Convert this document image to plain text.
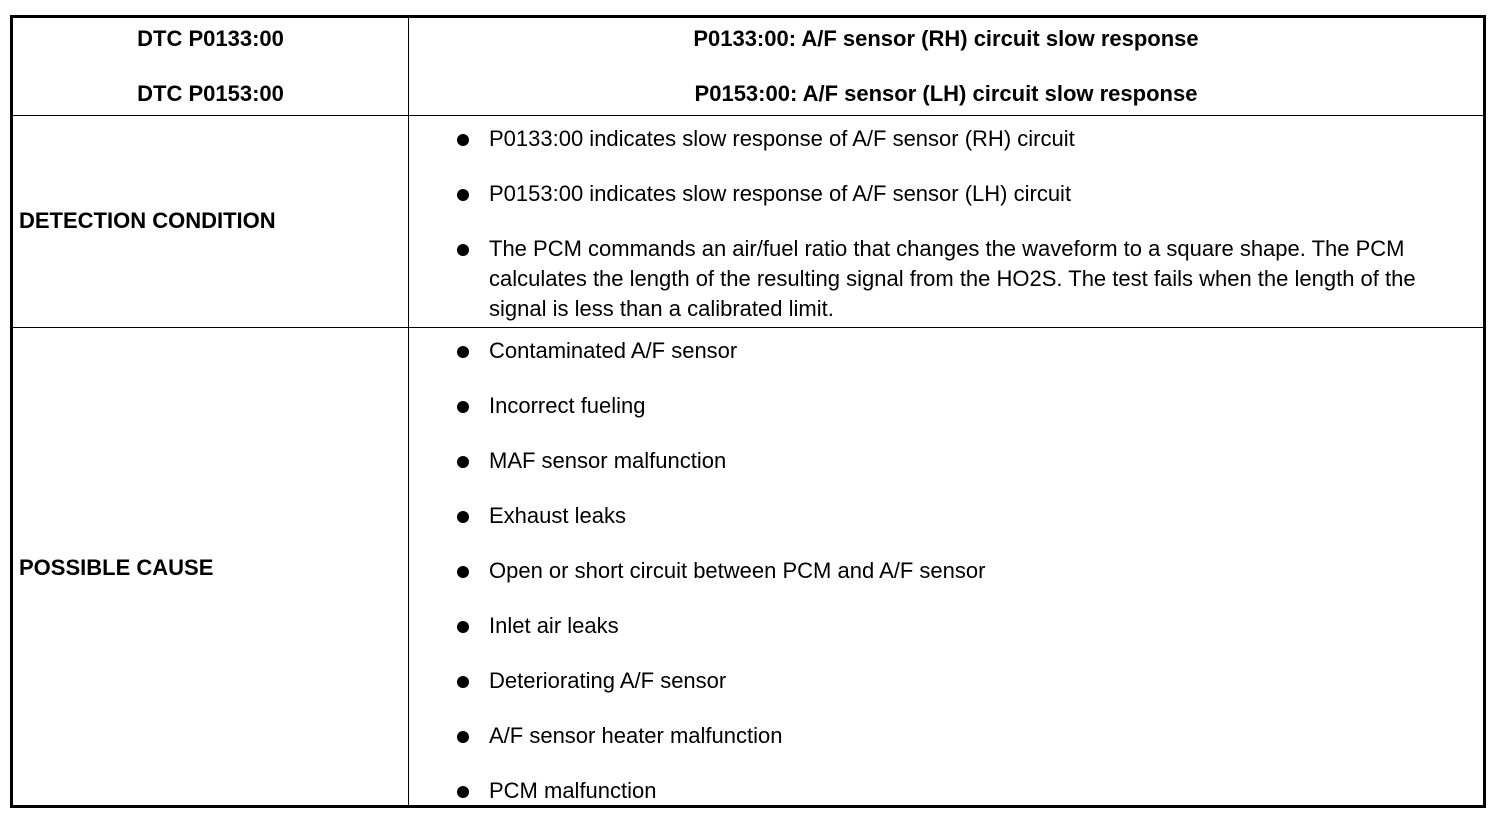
DTC P0133:00
DTC P0153:00
P0133:00: A/F sensor (RH) circuit slow response
P0153:00: A/F sensor (LH) circuit slow response
DETECTION CONDITION
P0133:00 indicates slow response of A/F sensor (RH) circuit
P0153:00 indicates slow response of A/F sensor (LH) circuit
The PCM commands an air/fuel ratio that changes the waveform to a square shape. The PCM calculates the length of the resulting signal from the HO2S. The test fails when the length of the signal is less than a calibrated limit.
POSSIBLE CAUSE
Contaminated A/F sensor
Incorrect fueling
MAF sensor malfunction
Exhaust leaks
Open or short circuit between PCM and A/F sensor
Inlet air leaks
Deteriorating A/F sensor
A/F sensor heater malfunction
PCM malfunction
